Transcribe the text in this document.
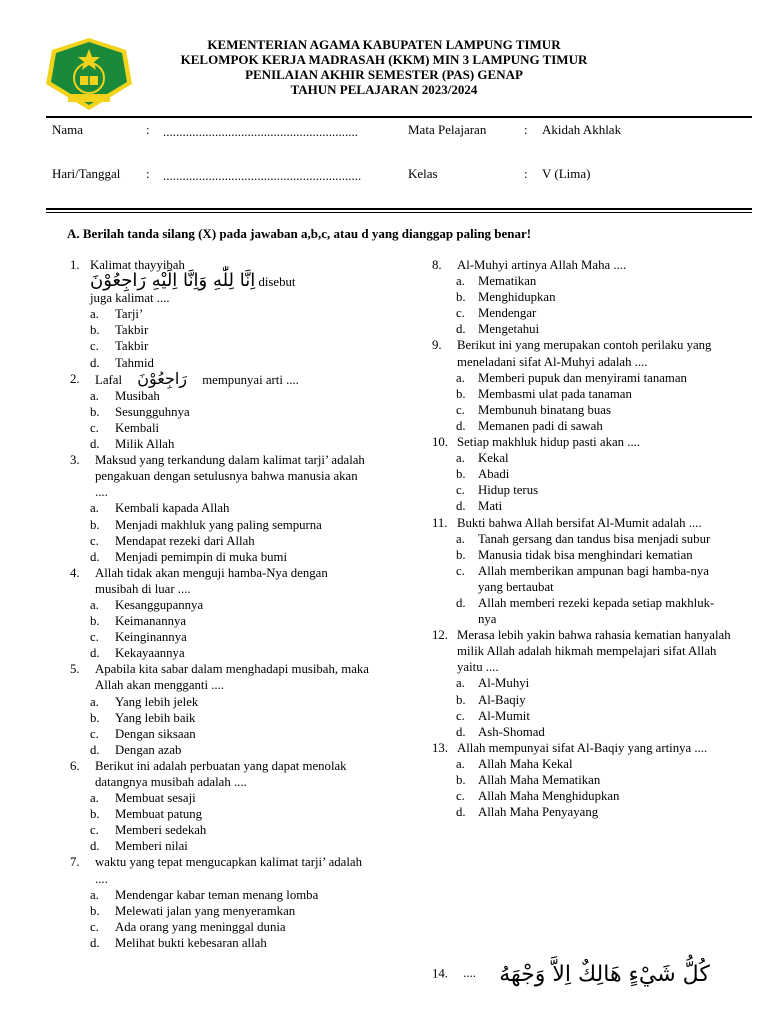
KEMENTERIAN AGAMA KABUPATEN LAMPUNG TIMUR
KELOMPOK KERJA MADRASAH (KKM) MIN 3 LAMPUNG TIMUR
PENILAIAN AKHIR SEMESTER (PAS) GENAP
TAHUN PELAJARAN 2023/2024
Nama	: ............................................................	Mata Pelajaran	: Akidah Akhlak
Hari/Tanggal : .............................................................	Kelas	: V (Lima)
A. Berilah tanda silang (X) pada jawaban a,b,c, atau d yang dianggap paling benar!
1. Kalimat thayyibah
اِنَّا لِلّٰهِ وَاِنَّا اِلَيْهِ رَاجِعُوْنَ disebut
juga kalimat ....
a. Tarji’
b. Takbir
c. Takbir
d. Tahmid
2. Lafal رَاجِعُوْنَ mempunyai arti ....
a. Musibah
b. Sesungguhnya
c. Kembali
d. Milik Allah
3. Maksud yang terkandung dalam kalimat tarji’ adalah pengakuan dengan setulusnya bahwa manusia akan ....
a. Kembali kapada Allah
b. Menjadi makhluk yang paling sempurna
c. Mendapat rezeki dari Allah
d. Menjadi pemimpin di muka bumi
4. Allah tidak akan menguji hamba-Nya dengan musibah di luar ....
a. Kesanggupannya
b. Keimanannya
c. Keinginannya
d. Kekayaannya
5. Apabila kita sabar dalam menghadapi musibah, maka Allah akan mengganti ....
a. Yang lebih jelek
b. Yang lebih baik
c. Dengan siksaan
d. Dengan azab
6. Berikut ini adalah perbuatan yang dapat menolak datangnya musibah adalah ....
a. Membuat sesaji
b. Membuat patung
c. Memberi sedekah
d. Memberi nilai
7. waktu yang tepat mengucapkan kalimat tarji’ adalah ....
a. Mendengar kabar teman menang lomba
b. Melewati jalan yang menyeramkan
c. Ada orang yang meninggal dunia
d. Melihat bukti kebesaran allah
8. Al-Muhyi artinya Allah Maha ....
a. Mematikan
b. Menghidupkan
c. Mendengar
d. Mengetahui
9. Berikut ini yang merupakan contoh perilaku yang meneladani sifat Al-Muhyi adalah ....
a. Memberi pupuk dan menyirami tanaman
b. Membasmi ulat pada tanaman
c. Membunuh binatang buas
d. Memanen padi di sawah
10. Setiap makhluk hidup pasti akan ....
a. Kekal
b. Abadi
c. Hidup terus
d. Mati
11. Bukti bahwa Allah bersifat Al-Mumit adalah ....
a. Tanah gersang dan tandus bisa menjadi subur
b. Manusia tidak bisa menghindari kematian
c. Allah memberikan ampunan bagi hamba-nya yang bertaubat
d. Allah memberi rezeki kepada setiap makhluk-nya
12. Merasa lebih yakin bahwa rahasia kematian hanyalah milik Allah adalah hikmah mempelajari sifat Allah yaitu ....
a. Al-Muhyi
b. Al-Baqiy
c. Al-Mumit
d. Ash-Shomad
13. Allah mempunyai sifat Al-Baqiy yang artinya ....
a. Allah Maha Kekal
b. Allah Maha Mematikan
c. Allah Maha Menghidupkan
d. Allah Maha Penyayang
14. .... كُلُّ شَيْءٍ هَالِكٌ اِلاَّ وَجْهَهُ
